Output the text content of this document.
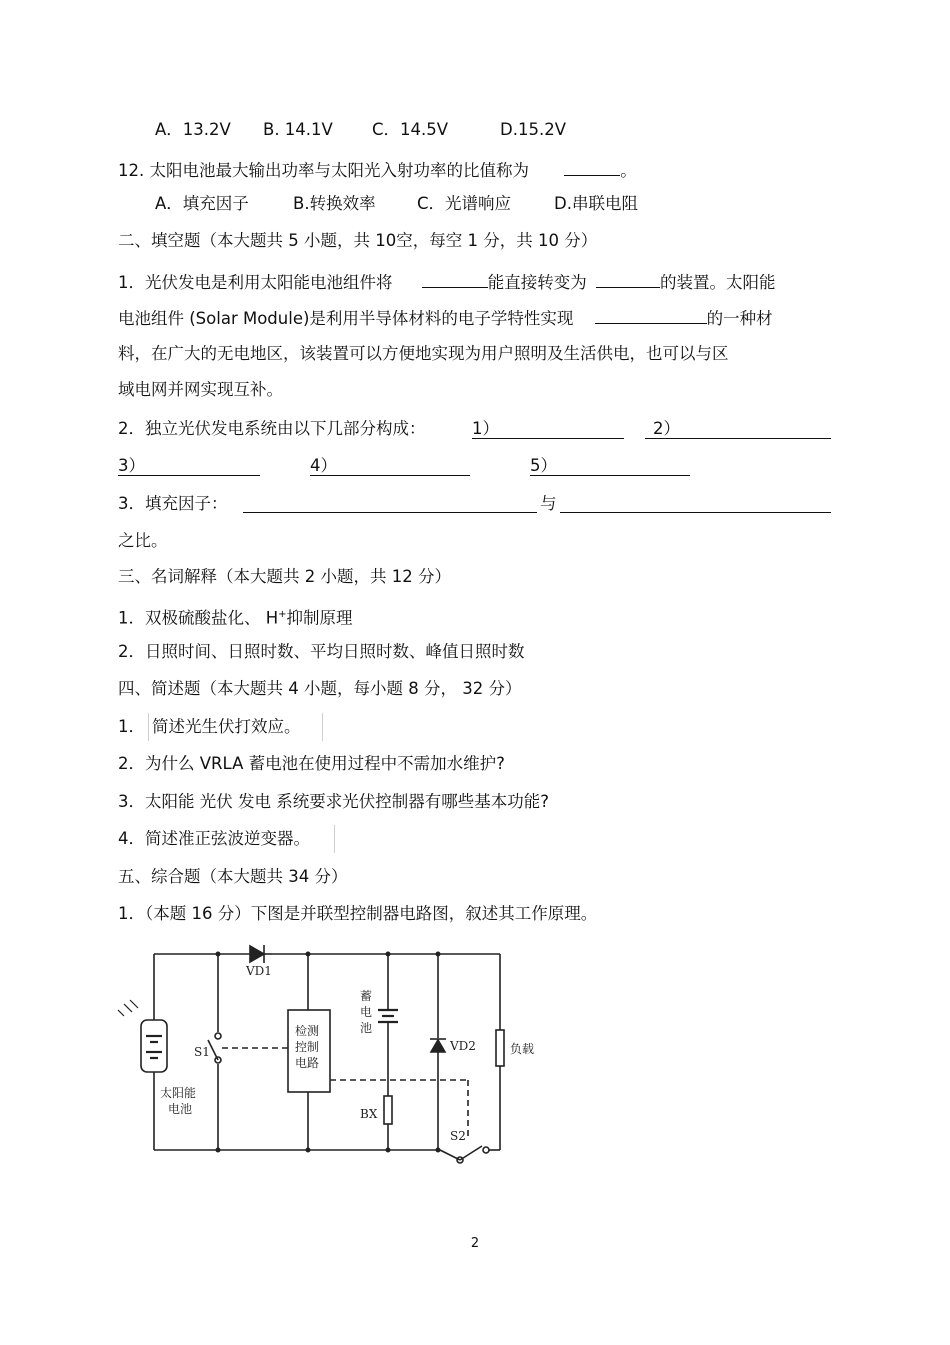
A．13.2V B. 14.1V C．14.5V	D.15.2V
12. 太阳电池最大输出功率与太阳光入射功率的比值称为	。
A．填充因子	B.转换效率	C．光谱响应	D.串联电阻
二、填空题（本大题共 5 小题，共 10空，每空 1 分，共 10 分）
1．光伏发电是利用太阳能电池组件将	能直接转变为	的装置。太阳能
电池组件 (Solar Module)是利用半导体材料的电子学特性实现	的一种材
料，在广大的无电地区，该装置可以方便地实现为用户照明及生活供电，也可以与区
域电网并网实现互补。
2．独立光伏发电系统由以下几部分构成：	1）	2）
3）	4）	5）
3．填充因子：	与
之比。
三、名词解释（本大题共 2 小题，共 12 分）
1．双极硫酸盐化、 H+抑制原理
2．日照时间、日照时数、平均日照时数、峰值日照时数
四、简述题（本大题共 4 小题，每小题 8 分， 32 分）
1． 简述光生伏打效应。
2．为什么 VRLA 蓄电池在使用过程中不需加水维护?
3．太阳能 光伏 发电 系统要求光伏控制器有哪些基本功能?
4．简述准正弦波逆变器。
五、综合题（本大题共 34 分）
1．（本题 16 分）下图是并联型控制器电路图，叙述其工作原理。
VD1
太阳能
电池
S1
检测
控制
电路
蓄
电
池
BX
VD2
S2
负载
2
